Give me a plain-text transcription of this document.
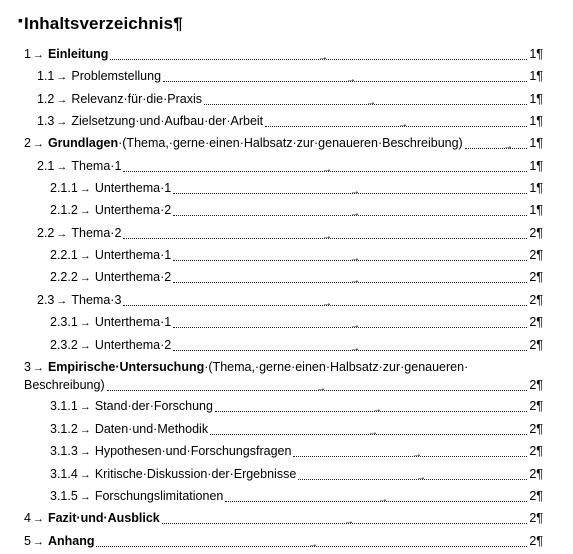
▪ Inhaltsverzeichnis¶
1 → Einleitung	→	1¶
1.1 → Problemstellung	→	1¶
1.2 → Relevanz·für·die·Praxis	→	1¶
1.3 → Zielsetzung·und·Aufbau·der·Arbeit	→	1¶
2 → Grundlagen·(Thema,·gerne·einen·Halbsatz·zur·genaueren·Beschreibung)	→ 1¶
2.1 → Thema·1	→	1¶
2.1.1 → Unterthema·1	→	1¶
2.1.2 → Unterthema·2	→	1¶
2.2 → Thema·2	→	2¶
2.2.1 → Unterthema·1	→	2¶
2.2.2 → Unterthema·2	→	2¶
2.3 → Thema·3	→	2¶
2.3.1 → Unterthema·1	→	2¶
2.3.2 → Unterthema·2	→	2¶
3 → Empirische·Untersuchung·(Thema,·gerne·einen·Halbsatz·zur·genaueren·
Beschreibung)	→	2¶
3.1.1 → Stand·der·Forschung	→	2¶
3.1.2 → Daten·und·Methodik	→	2¶
3.1.3 → Hypothesen·und·Forschungsfragen	→	2¶
3.1.4 → Kritische·Diskussion·der·Ergebnisse	→	2¶
3.1.5 → Forschungslimitationen	→	2¶
4 → Fazit·und·Ausblick	→	2¶
5 → Anhang	→	2¶
